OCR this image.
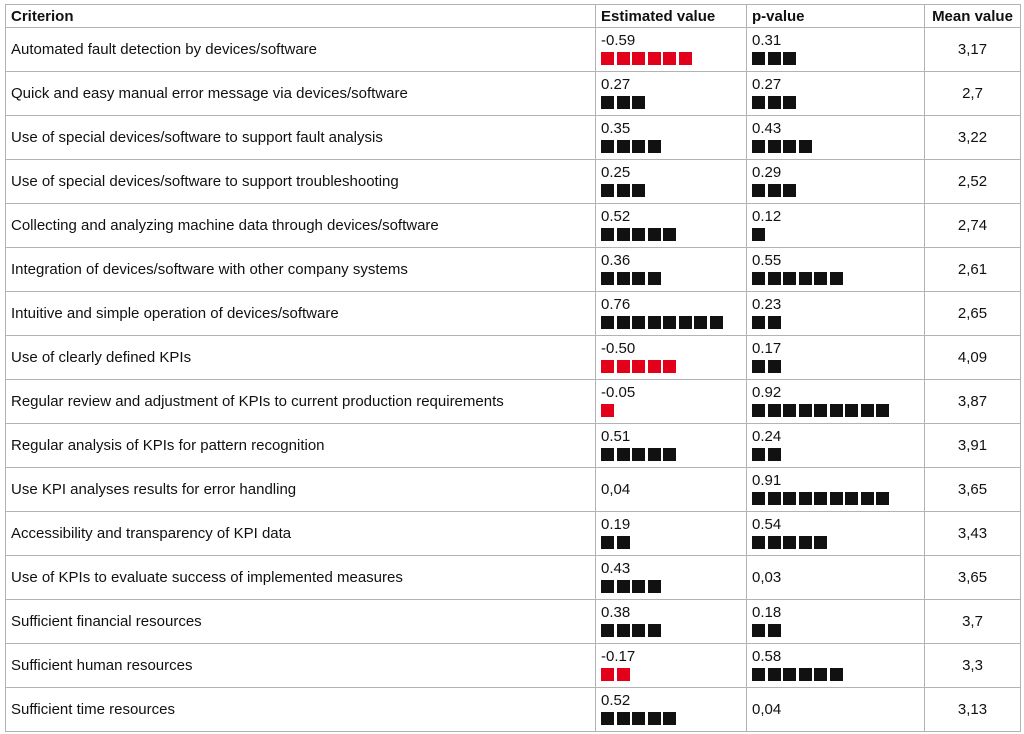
Criterion	Estimated value	p-value	Mean value
Automated fault detection by devices/software	-0.59	0.31	3,17
Quick and easy manual error message via devices/software	0.27	0.27	2,7
Use of special devices/software to support fault analysis	0.35	0.43	3,22
Use of special devices/software to support troubleshooting	0.25	0.29	2,52
Collecting and analyzing machine data through devices/software	0.52	0.12	2,74
Integration of devices/software with other company systems	0.36	0.55	2,61
Intuitive and simple operation of devices/software	0.76	0.23	2,65
Use of clearly defined KPIs	-0.50	0.17	4,09
Regular review and adjustment of KPIs to current production requirements	-0.05	0.92	3,87
Regular analysis of KPIs for pattern recognition	0.51	0.24	3,91
Use KPI analyses results for error handling	0,04	0.91	3,65
Accessibility and transparency of KPI data	0.19	0.54	3,43
Use of KPIs to evaluate success of implemented measures	0.43	0,03	3,65
Sufficient financial resources	0.38	0.18	3,7
Sufficient human resources	-0.17	0.58	3,3
Sufficient time resources	0.52	0,04	3,13
